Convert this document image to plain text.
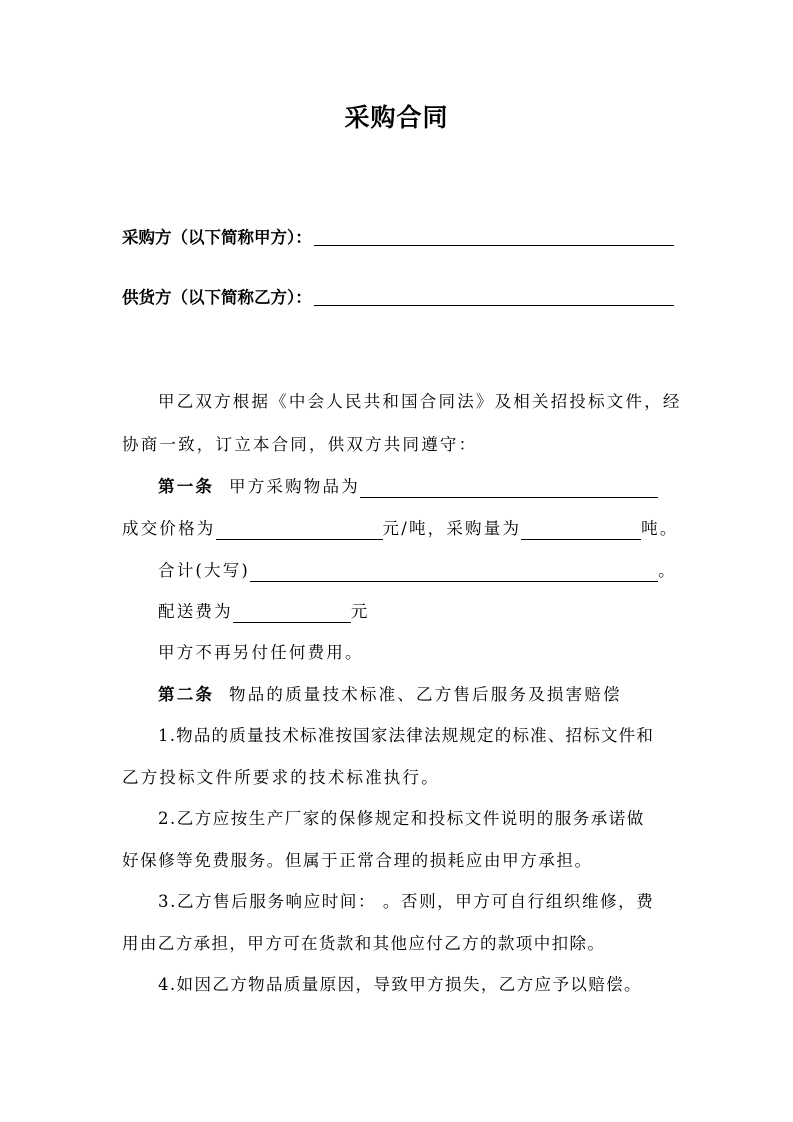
采购合同
采购方（以下简称甲方）：
供货方（以下简称乙方）：
甲乙双方根据《中会人民共和国合同法》及相关招投标文件，经
协商一致，订立本合同，供双方共同遵守：
第一条 甲方采购物品为
成交价格为	元/吨，采购量为	吨。
合计(大写)	。
配送费为	元
甲方不再另付任何费用。
第二条 物品的质量技术标准、乙方售后服务及损害赔偿
1.物品的质量技术标准按国家法律法规规定的标准、招标文件和
乙方投标文件所要求的技术标准执行。
2.乙方应按生产厂家的保修规定和投标文件说明的服务承诺做
好保修等免费服务。但属于正常合理的损耗应由甲方承担。
3.乙方售后服务响应时间： 。否则，甲方可自行组织维修，费
用由乙方承担，甲方可在货款和其他应付乙方的款项中扣除。
4.如因乙方物品质量原因，导致甲方损失，乙方应予以赔偿。
